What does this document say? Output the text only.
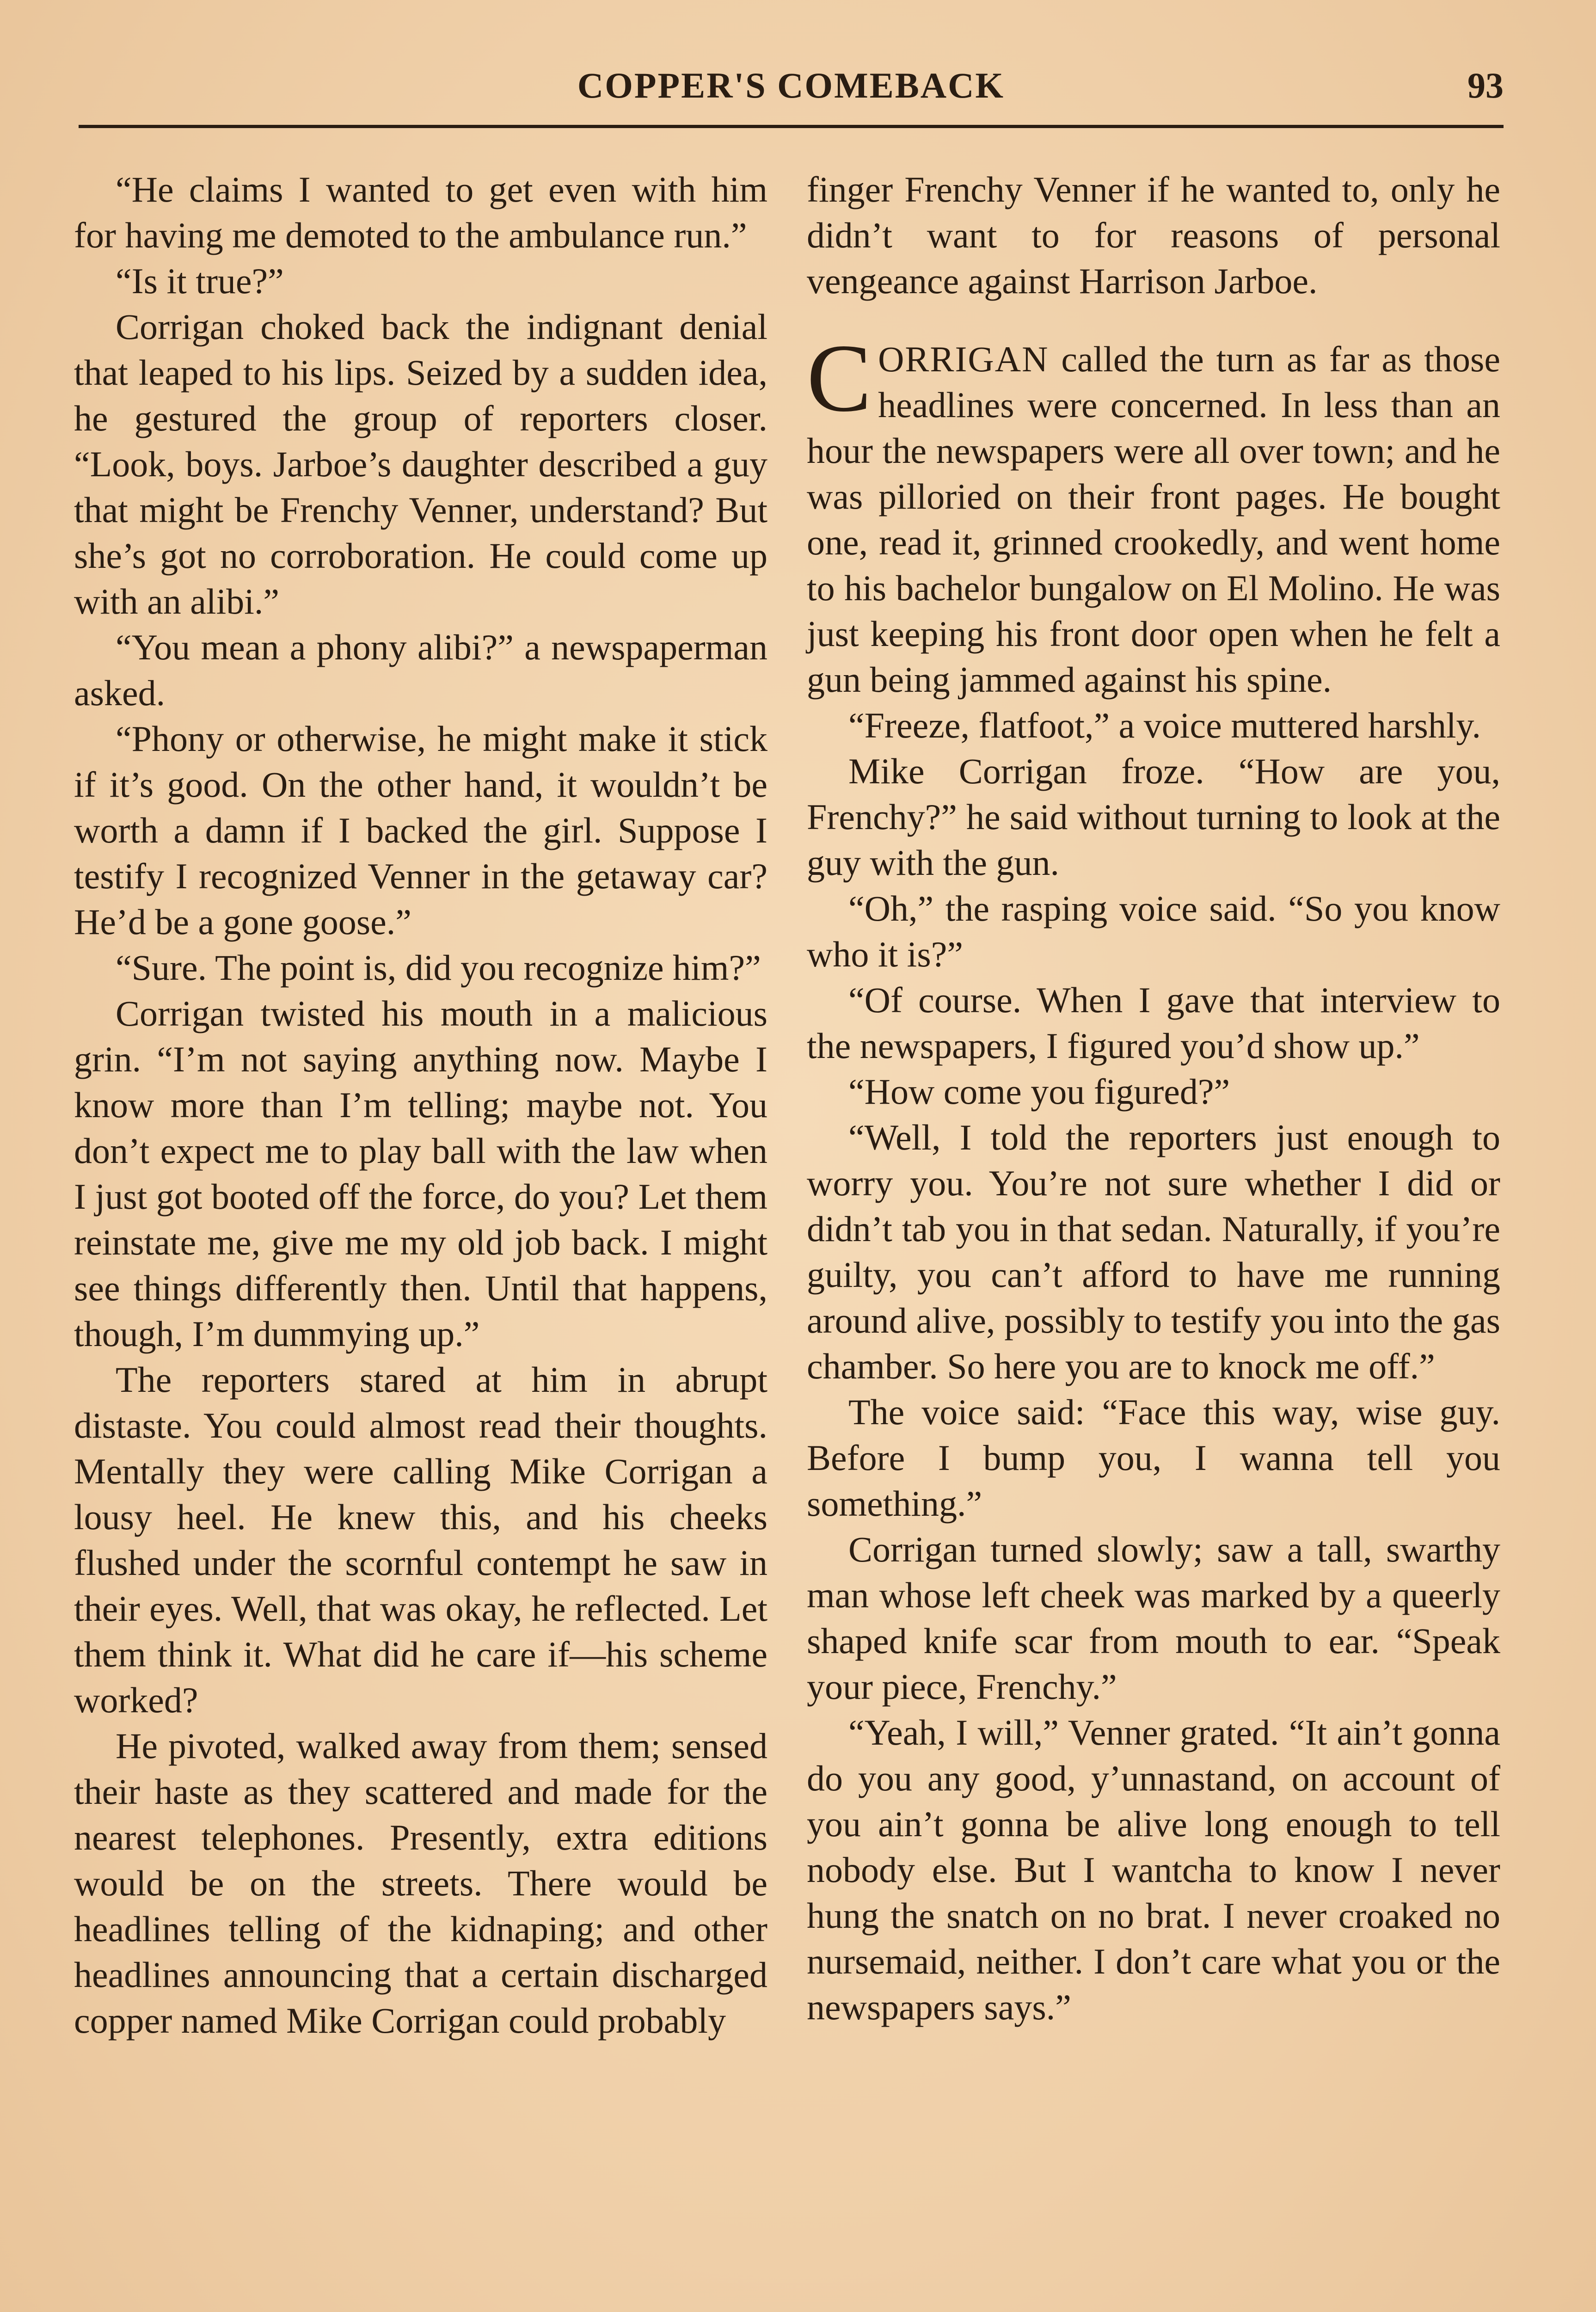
COPPER'S COMEBACK	93

“He claims I wanted to get even with him for having me demoted to the ambulance run.”

“Is it true?”

Corrigan choked back the indignant denial that leaped to his lips. Seized by a sudden idea, he gestured the group of reporters closer. “Look, boys. Jarboe’s daughter described a guy that might be Frenchy Venner, understand? But she’s got no corroboration. He could come up with an alibi.”

“You mean a phony alibi?” a newspaperman asked.

“Phony or otherwise, he might make it stick if it’s good. On the other hand, it wouldn’t be worth a damn if I backed the girl. Suppose I testify I recognized Venner in the getaway car? He’d be a gone goose.”

“Sure. The point is, did you recognize him?”

Corrigan twisted his mouth in a malicious grin. “I’m not saying anything now. Maybe I know more than I’m telling; maybe not. You don’t expect me to play ball with the law when I just got booted off the force, do you? Let them reinstate me, give me my old job back. I might see things differently then. Until that happens, though, I’m dummying up.”

The reporters stared at him in abrupt distaste. You could almost read their thoughts. Mentally they were calling Mike Corrigan a lousy heel. He knew this, and his cheeks flushed under the scornful contempt he saw in their eyes. Well, that was okay, he reflected. Let them think it. What did he care if—his scheme worked?

He pivoted, walked away from them; sensed their haste as they scattered and made for the nearest telephones. Presently, extra editions would be on the streets. There would be headlines telling of the kidnaping; and other headlines announcing that a certain discharged copper named Mike Corrigan could probably

finger Frenchy Venner if he wanted to, only he didn’t want to for reasons of personal vengeance against Harrison Jarboe.

CORRIGAN called the turn as far as those headlines were concerned. In less than an hour the newspapers were all over town; and he was pilloried on their front pages. He bought one, read it, grinned crookedly, and went home to his bachelor bungalow on El Molino. He was just keeping his front door open when he felt a gun being jammed against his spine.

“Freeze, flatfoot,” a voice muttered harshly.

Mike Corrigan froze. “How are you, Frenchy?” he said without turning to look at the guy with the gun.

“Oh,” the rasping voice said. “So you know who it is?”

“Of course. When I gave that interview to the newspapers, I figured you’d show up.”

“How come you figured?”

“Well, I told the reporters just enough to worry you. You’re not sure whether I did or didn’t tab you in that sedan. Naturally, if you’re guilty, you can’t afford to have me running around alive, possibly to testify you into the gas chamber. So here you are to knock me off.”

The voice said: “Face this way, wise guy. Before I bump you, I wanna tell you something.”

Corrigan turned slowly; saw a tall, swarthy man whose left cheek was marked by a queerly shaped knife scar from mouth to ear. “Speak your piece, Frenchy.”

“Yeah, I will,” Venner grated. “It ain’t gonna do you any good, y’unnastand, on account of you ain’t gonna be alive long enough to tell nobody else. But I wantcha to know I never hung the snatch on no brat. I never croaked no nursemaid, neither. I don’t care what you or the newspapers says.”
